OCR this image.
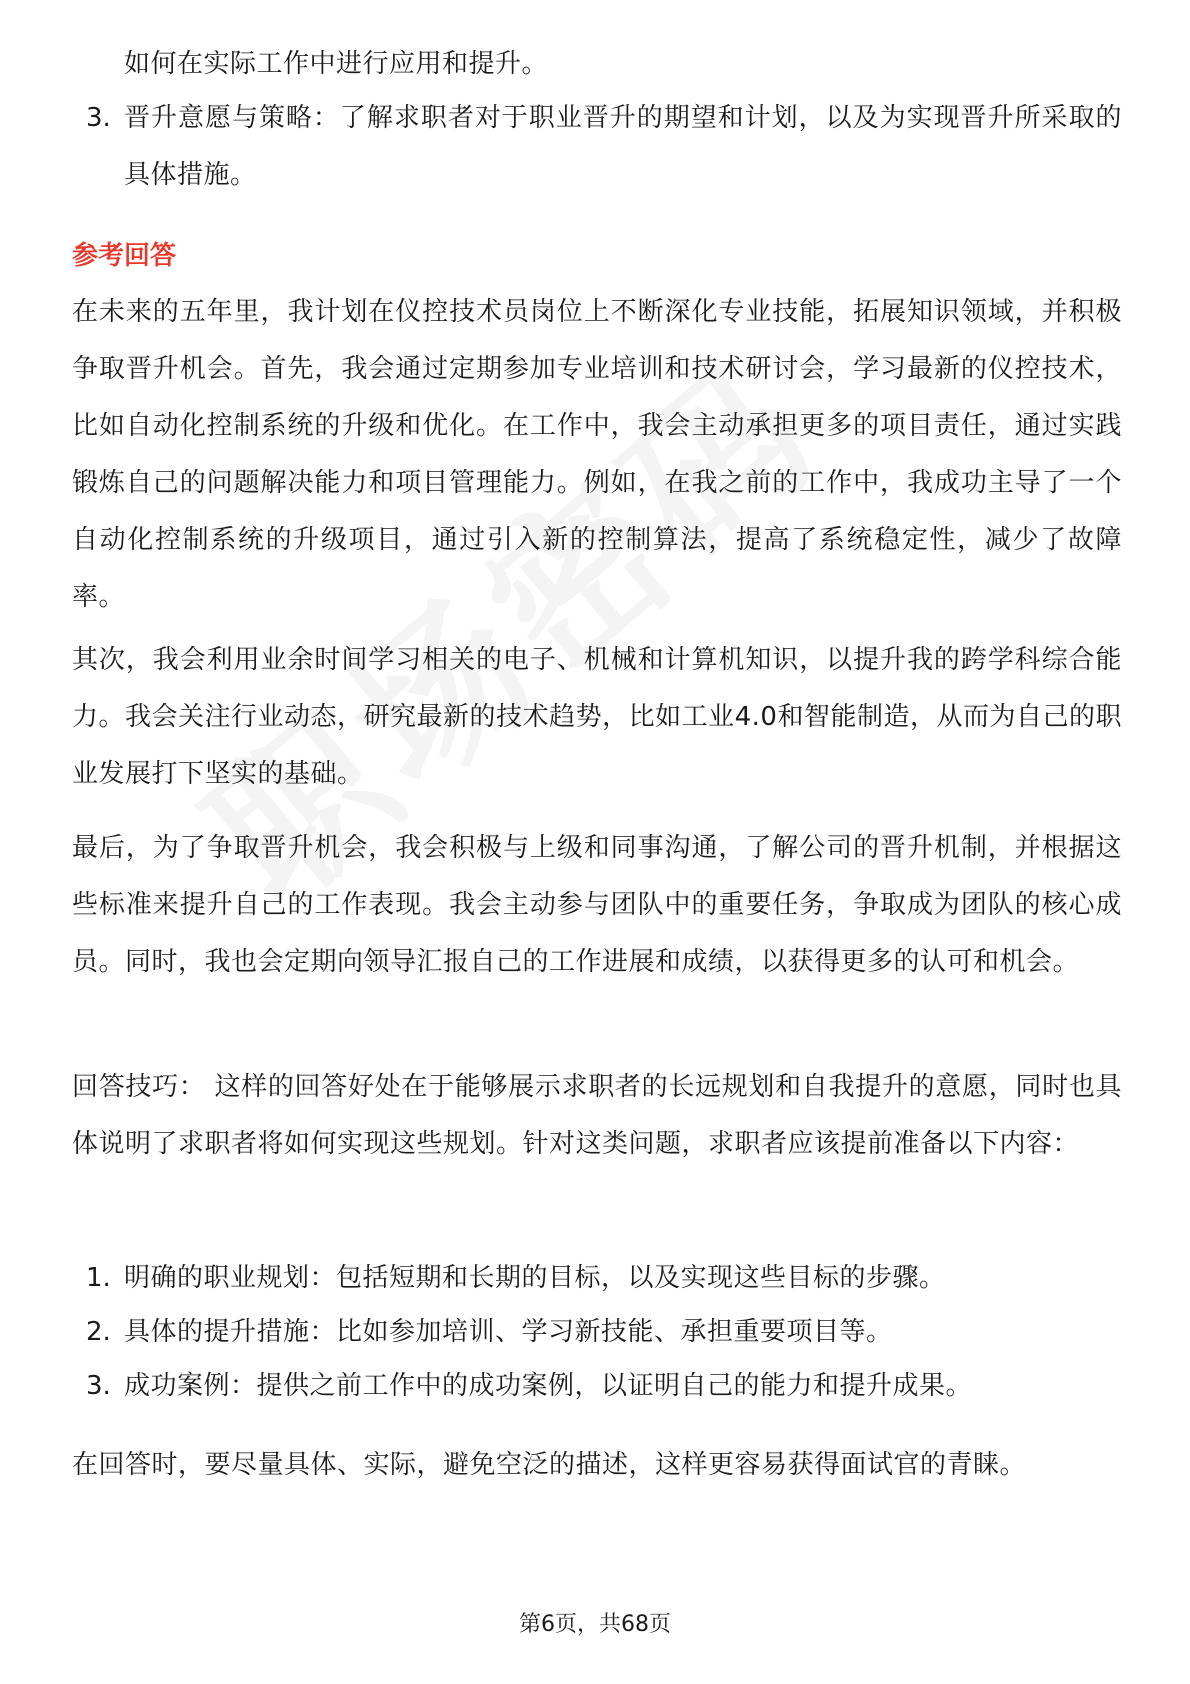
如何在实际工作中进行应用和提升。

3. 晋升意愿与策略：了解求职者对于职业晋升的期望和计划，以及为实现晋升所采取的具体措施。
参考回答

在未来的五年里，我计划在仪控技术员岗位上不断深化专业技能，拓展知识领域，并积极争取晋升机会。首先，我会通过定期参加专业培训和技术研讨会，学习最新的仪控技术，比如自动化控制系统的升级和优化。在工作中，我会主动承担更多的项目责任，通过实践锻炼自己的问题解决能力和项目管理能力。例如，在我之前的工作中，我成功主导了一个自动化控制系统的升级项目，通过引入新的控制算法，提高了系统稳定性，减少了故障率。

其次，我会利用业余时间学习相关的电子、机械和计算机知识，以提升我的跨学科综合能力。我会关注行业动态，研究最新的技术趋势，比如工业4.0和智能制造，从而为自己的职业发展打下坚实的基础。

最后，为了争取晋升机会，我会积极与上级和同事沟通，了解公司的晋升机制，并根据这些标准来提升自己的工作表现。我会主动参与团队中的重要任务，争取成为团队的核心成员。同时，我也会定期向领导汇报自己的工作进展和成绩，以获得更多的认可和机会。

回答技巧： 这样的回答好处在于能够展示求职者的长远规划和自我提升的意愿，同时也具体说明了求职者将如何实现这些规划。针对这类问题，求职者应该提前准备以下内容：

1. 明确的职业规划：包括短期和长期的目标，以及实现这些目标的步骤。
2. 具体的提升措施：比如参加培训、学习新技能、承担重要项目等。
3. 成功案例：提供之前工作中的成功案例，以证明自己的能力和提升成果。

在回答时，要尽量具体、实际，避免空泛的描述，这样更容易获得面试官的青睐。

第6页，共68页
